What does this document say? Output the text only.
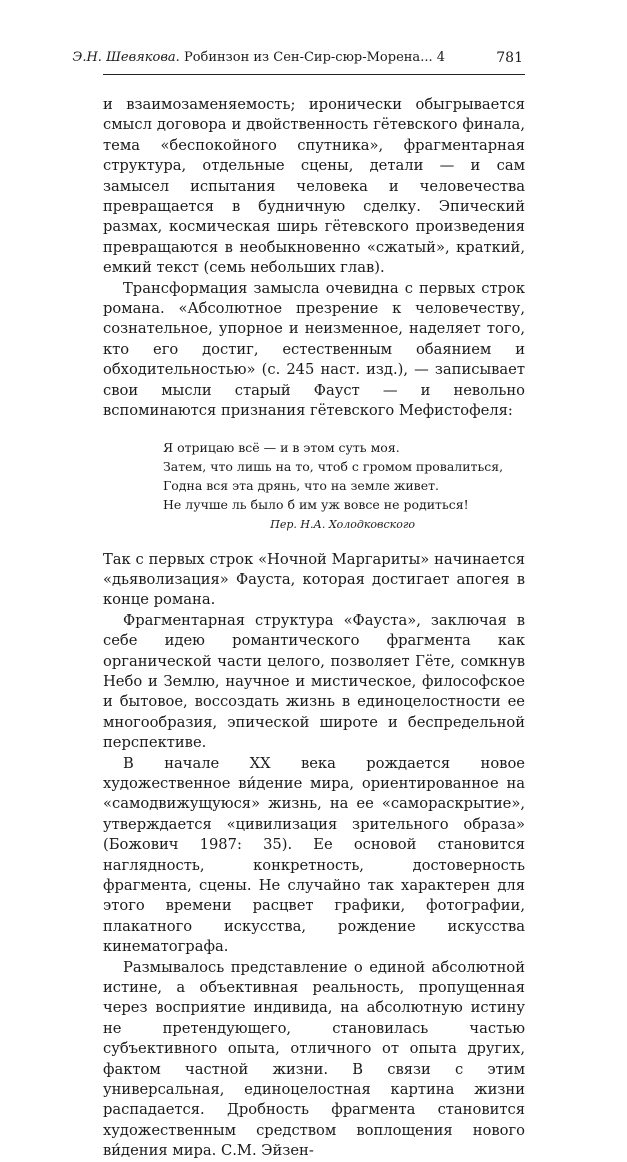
Э.Н. Шевякова. Робинзон из Сен-Сир-сюр-Морена... 4	781

и взаимозаменяемость; иронически обыгрывается смысл договора и двойственность гётевского финала, тема «беспокойного спутника», фрагментарная структура, отдельные сцены, детали — и сам замысел испытания человека и человечества превращается в будничную сделку. Эпический размах, космическая ширь гётевского произведения превращаются в необыкновенно «сжатый», краткий, емкий текст (семь небольших глав).

Трансформация замысла очевидна с первых строк романа. «Абсолютное презрение к человечеству, сознательное, упорное и неизменное, наделяет того, кто его достиг, естественным обаянием и обходительностью» (с. 245 наст. изд.), — записывает свои мысли старый Фауст — и невольно вспоминаются признания гётевского Мефистофеля:

Я отрицаю всё — и в этом суть моя.
Затем, что лишь на то, чтоб с громом провалиться,
Годна вся эта дрянь, что на земле живет.
Не лучше ль было б им уж вовсе не родиться!
Пер. Н.А. Холодковского

Так с первых строк «Ночной Маргариты» начинается «дьяволизация» Фауста, которая достигает апогея в конце романа.

Фрагментарная структура «Фауста», заключая в себе идею романтического фрагмента как органической части целого, позволяет Гёте, сомкнув Небо и Землю, научное и мистическое, философское и бытовое, воссоздать жизнь в единоцелостности ее многообразия, эпической широте и беспредельной перспективе.

В начале XX века рождается новое художественное ви́дение мира, ориентированное на «самодвижущуюся» жизнь, на ее «самораскрытие», утверждается «цивилизация зрительного образа» (Божович 1987: 35). Ее основой становится наглядность, конкретность, достоверность фрагмента, сцены. Не случайно так характерен для этого времени расцвет графики, фотографии, плакатного искусства, рождение искусства кинематографа.

Размывалось представление о единой абсолютной истине, а объективная реальность, пропущенная через восприятие индивида, на абсолютную истину не претендующего, становилась частью субъективного опыта, отличного от опыта других, фактом частной жизни. В связи с этим универсальная, единоцелостная картина жизни распадается. Дробность фрагмента становится художественным средством воплощения нового ви́дения мира. С.М. Эйзен-
